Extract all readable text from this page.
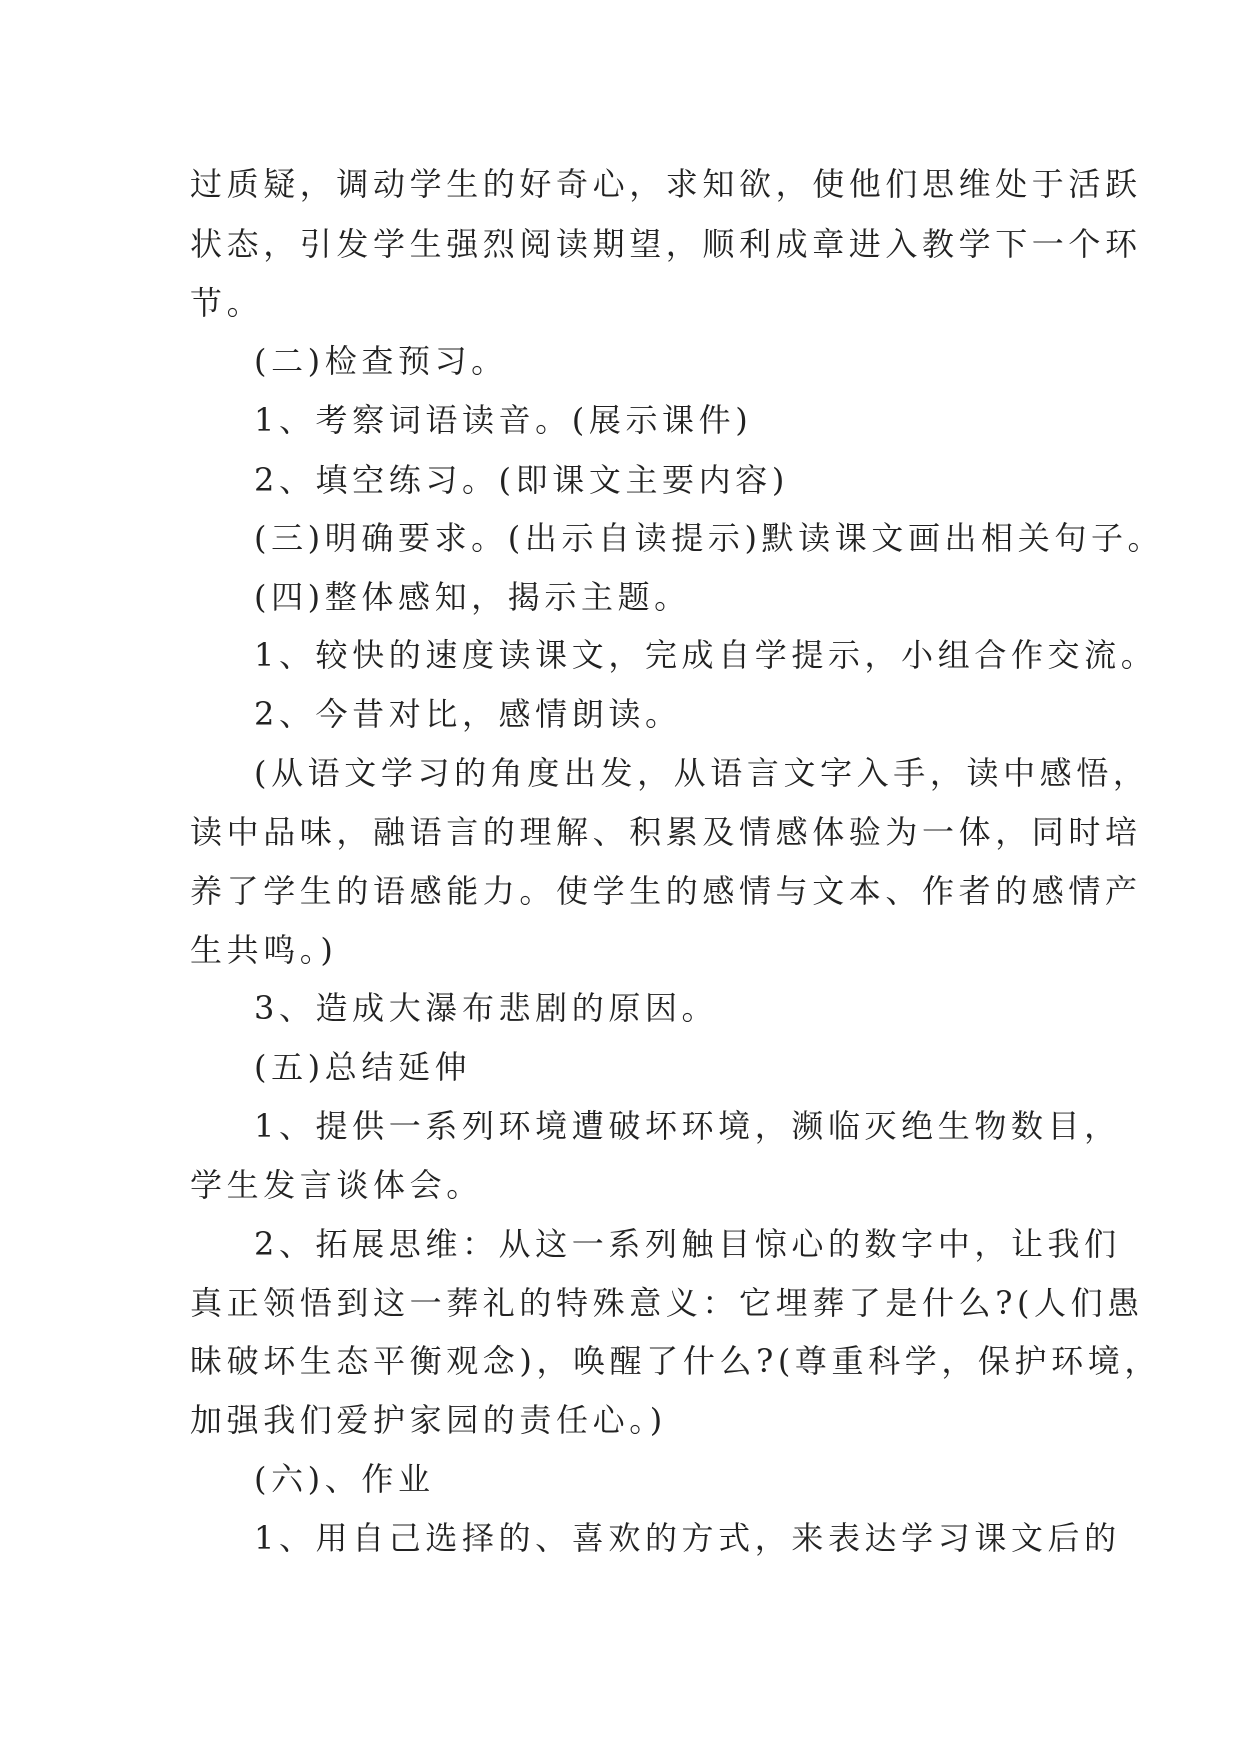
过质疑，调动学生的好奇心，求知欲，使他们思维处于活跃
状态，引发学生强烈阅读期望，顺利成章进入教学下一个环
节。
(二)检查预习。
1、考察词语读音。(展示课件)
2、填空练习。(即课文主要内容)
(三)明确要求。(出示自读提示)默读课文画出相关句子。
(四)整体感知，揭示主题。
1、较快的速度读课文，完成自学提示，小组合作交流。
2、今昔对比，感情朗读。
(从语文学习的角度出发，从语言文字入手，读中感悟，
读中品味，融语言的理解、积累及情感体验为一体，同时培
养了学生的语感能力。使学生的感情与文本、作者的感情产
生共鸣。)
3、造成大瀑布悲剧的原因。
(五)总结延伸
1、提供一系列环境遭破坏环境，濒临灭绝生物数目，
学生发言谈体会。
2、拓展思维：从这一系列触目惊心的数字中，让我们
真正领悟到这一葬礼的特殊意义：它埋葬了是什么?(人们愚
昧破坏生态平衡观念)，唤醒了什么?(尊重科学，保护环境，
加强我们爱护家园的责任心。)
(六)、作业
1、用自己选择的、喜欢的方式，来表达学习课文后的
